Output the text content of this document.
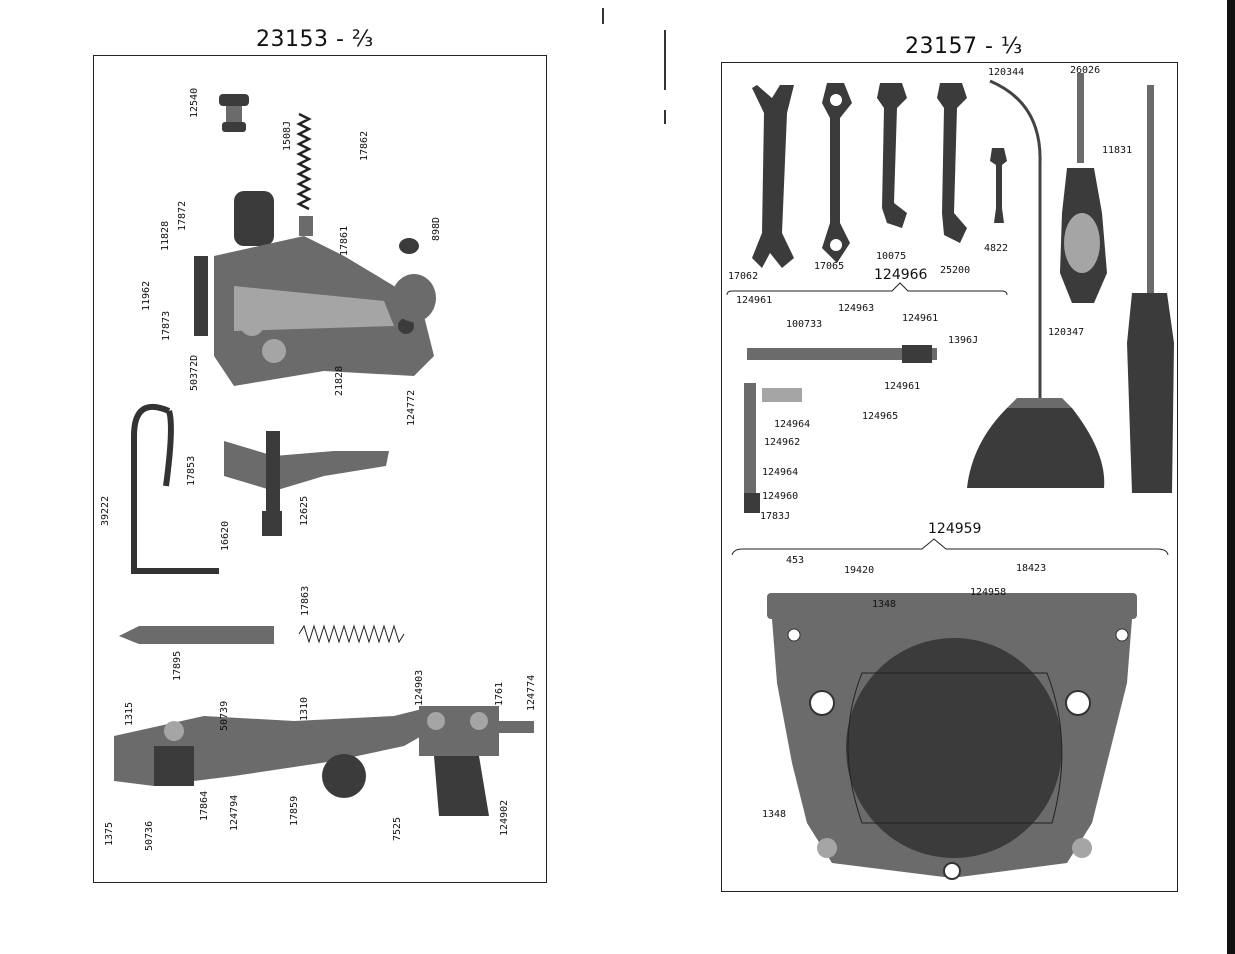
23153 - ⅔
12540
1508J	17862
17861	898D
17872
11828
11962
17873
50372D	21828
124772
39222
17853
12625
16620
17863
17895
1315	50739	1310
124903	1761 124774
1375	50736
17864 124794	17859
7525	124902
23157 - ⅓
120344	26026
11831
17062
17065
10075
25200
4822
124966
124961
100733
124963
124961
1396J
120347
124961
124965
124964
124962
124964
124960
1783J
124959
453
19420	18423
1348
124958
1348
